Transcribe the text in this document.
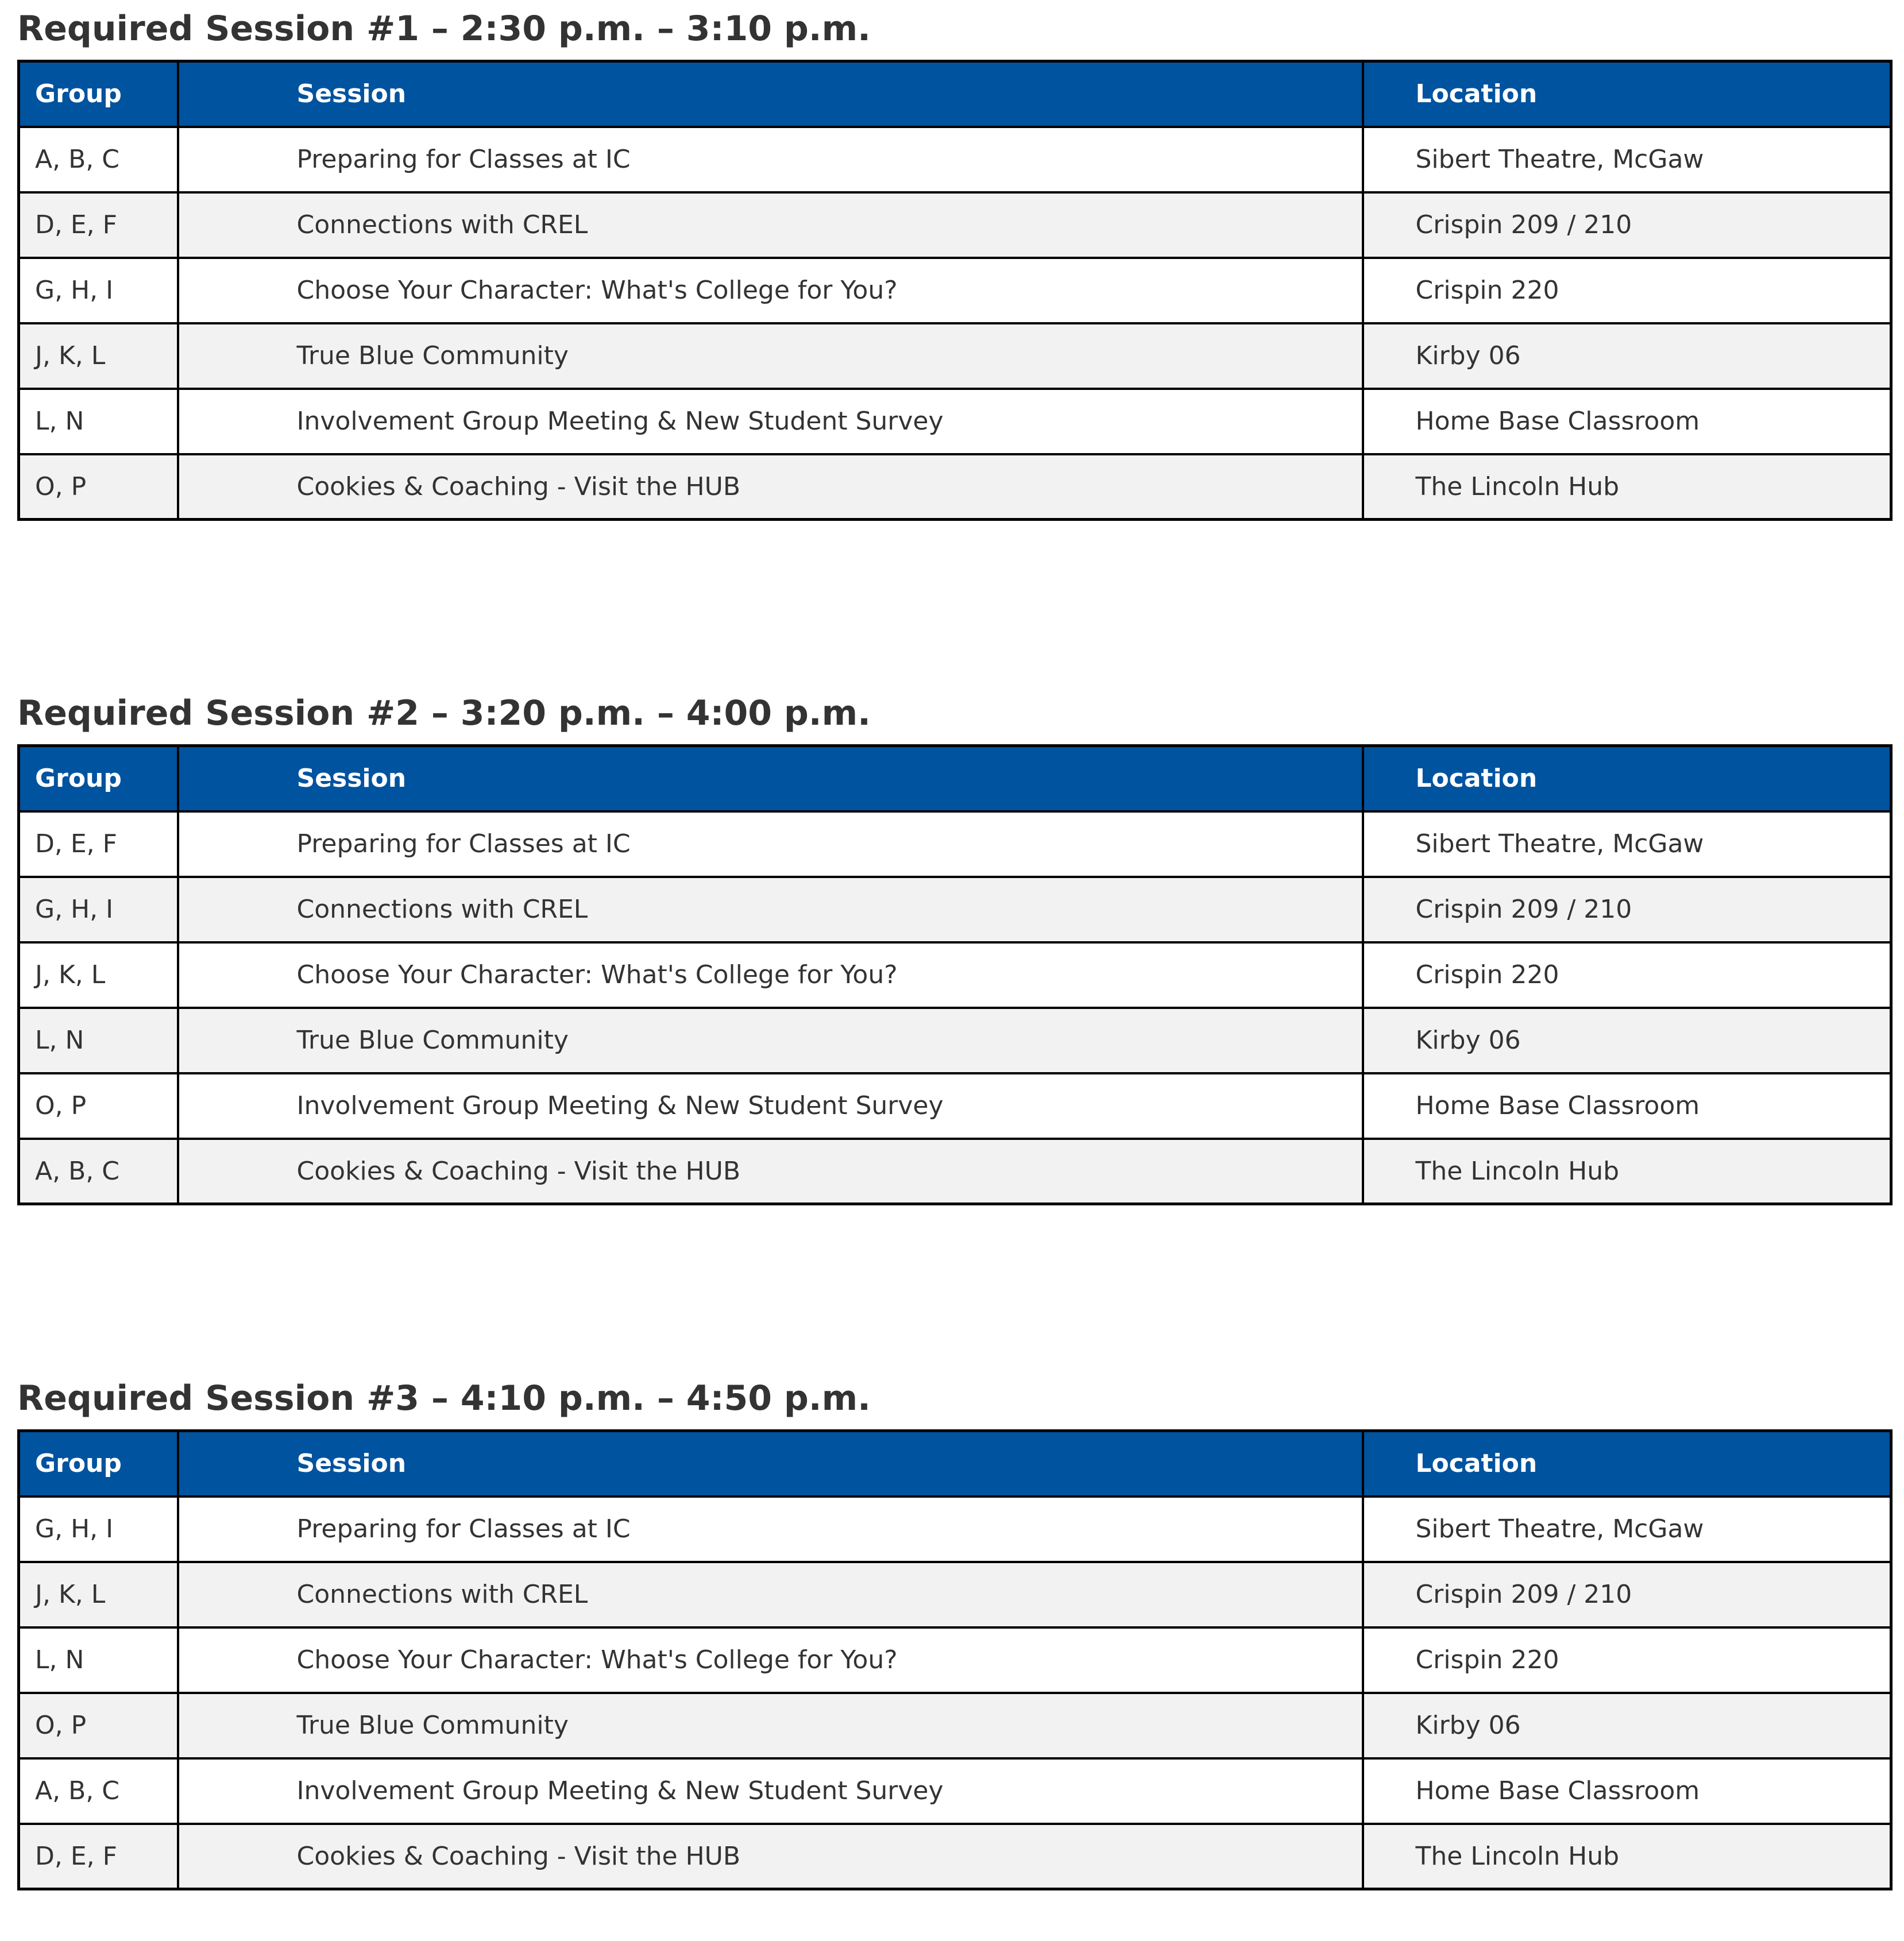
Required Session #1 – 2:30 p.m. – 3:10 p.m.
Group	Session	Location
A, B, C	Preparing for Classes at IC	Sibert Theatre, McGaw
D, E, F	Connections with CREL	Crispin 209 / 210
G, H, I	Choose Your Character: What's College for You?	Crispin 220
J, K, L	True Blue Community	Kirby 06
L, N	Involvement Group Meeting & New Student Survey	Home Base Classroom
O, P	Cookies & Coaching - Visit the HUB	The Lincoln Hub
Required Session #2 – 3:20 p.m. – 4:00 p.m.
Group	Session	Location
D, E, F	Preparing for Classes at IC	Sibert Theatre, McGaw
G, H, I	Connections with CREL	Crispin 209 / 210
J, K, L	Choose Your Character: What's College for You?	Crispin 220
L, N	True Blue Community	Kirby 06
O, P	Involvement Group Meeting & New Student Survey	Home Base Classroom
A, B, C	Cookies & Coaching - Visit the HUB	The Lincoln Hub
Required Session #3 – 4:10 p.m. – 4:50 p.m.
Group	Session	Location
G, H, I	Preparing for Classes at IC	Sibert Theatre, McGaw
J, K, L	Connections with CREL	Crispin 209 / 210
L, N	Choose Your Character: What's College for You?	Crispin 220
O, P	True Blue Community	Kirby 06
A, B, C	Involvement Group Meeting & New Student Survey	Home Base Classroom
D, E, F	Cookies & Coaching - Visit the HUB	The Lincoln Hub
